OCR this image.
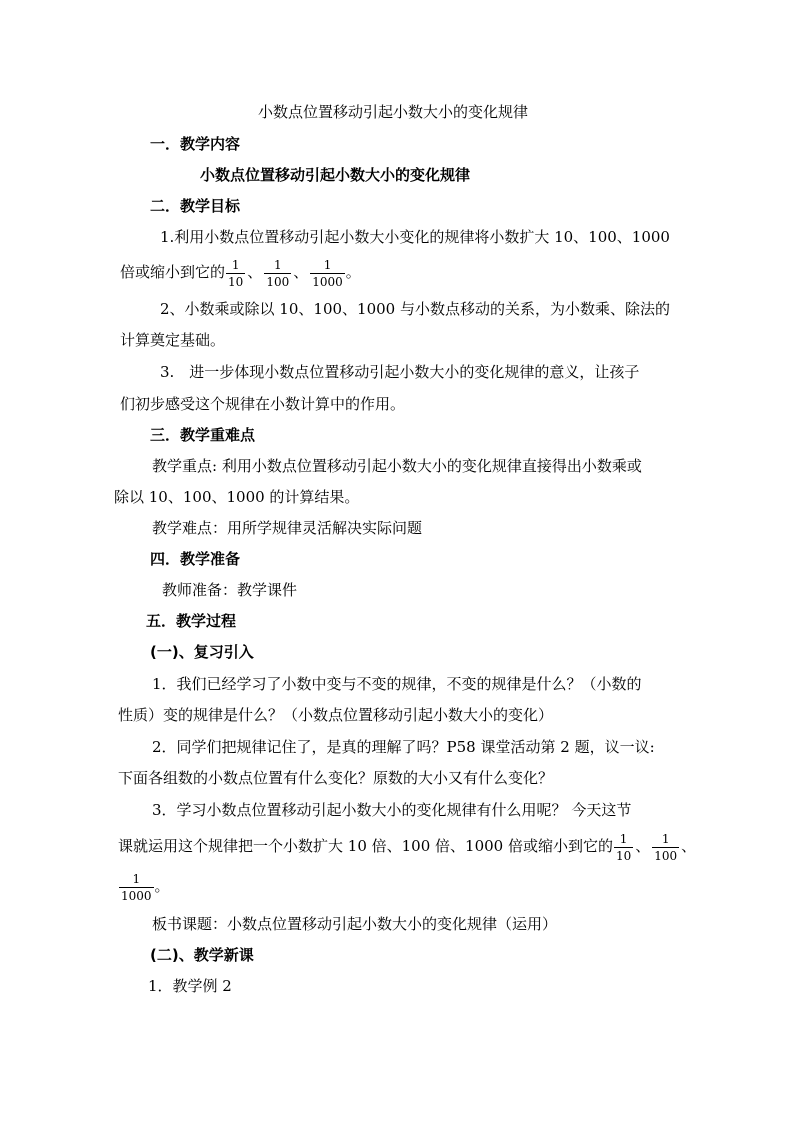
小数点位置移动引起小数大小的变化规律
一．教学内容
小数点位置移动引起小数大小的变化规律
二．教学目标
1.利用小数点位置移动引起小数大小变化的规律将小数扩大 10、100、1000
倍或缩小到它的 $\frac{1}{10}$ 、 $\frac{1}{100}$ 、 $\frac{1}{1000}$ 。
2、小数乘或除以 10、100、1000 与小数点移动的关系，为小数乘、除法的
计算奠定基础。
3.　进一步体现小数点位置移动引起小数大小的变化规律的意义，让孩子
们初步感受这个规律在小数计算中的作用。
三．教学重难点
教学重点: 利用小数点位置移动引起小数大小的变化规律直接得出小数乘或
除以 10、100、1000 的计算结果。
教学难点：用所学规律灵活解决实际问题
四．教学准备
教师准备：教学课件
五．教学过程
(一)、复习引入
1．我们已经学习了小数中变与不变的规律，不变的规律是什么？（小数的
性质）变的规律是什么？（小数点位置移动引起小数大小的变化）
2．同学们把规律记住了，是真的理解了吗？P58 课堂活动第 2 题，议一议:
下面各组数的小数点位置有什么变化？原数的大小又有什么变化？
3．学习小数点位置移动引起小数大小的变化规律有什么用呢？ 今天这节
课就运用这个规律把一个小数扩大 10 倍、100 倍、1000 倍或缩小到它的 $\frac{1}{10}$ 、 $\frac{1}{100}$ 、
$\frac{1}{1000}$ 。
板书课题：小数点位置移动引起小数大小的变化规律（运用）
(二)、教学新课
1．教学例 2
